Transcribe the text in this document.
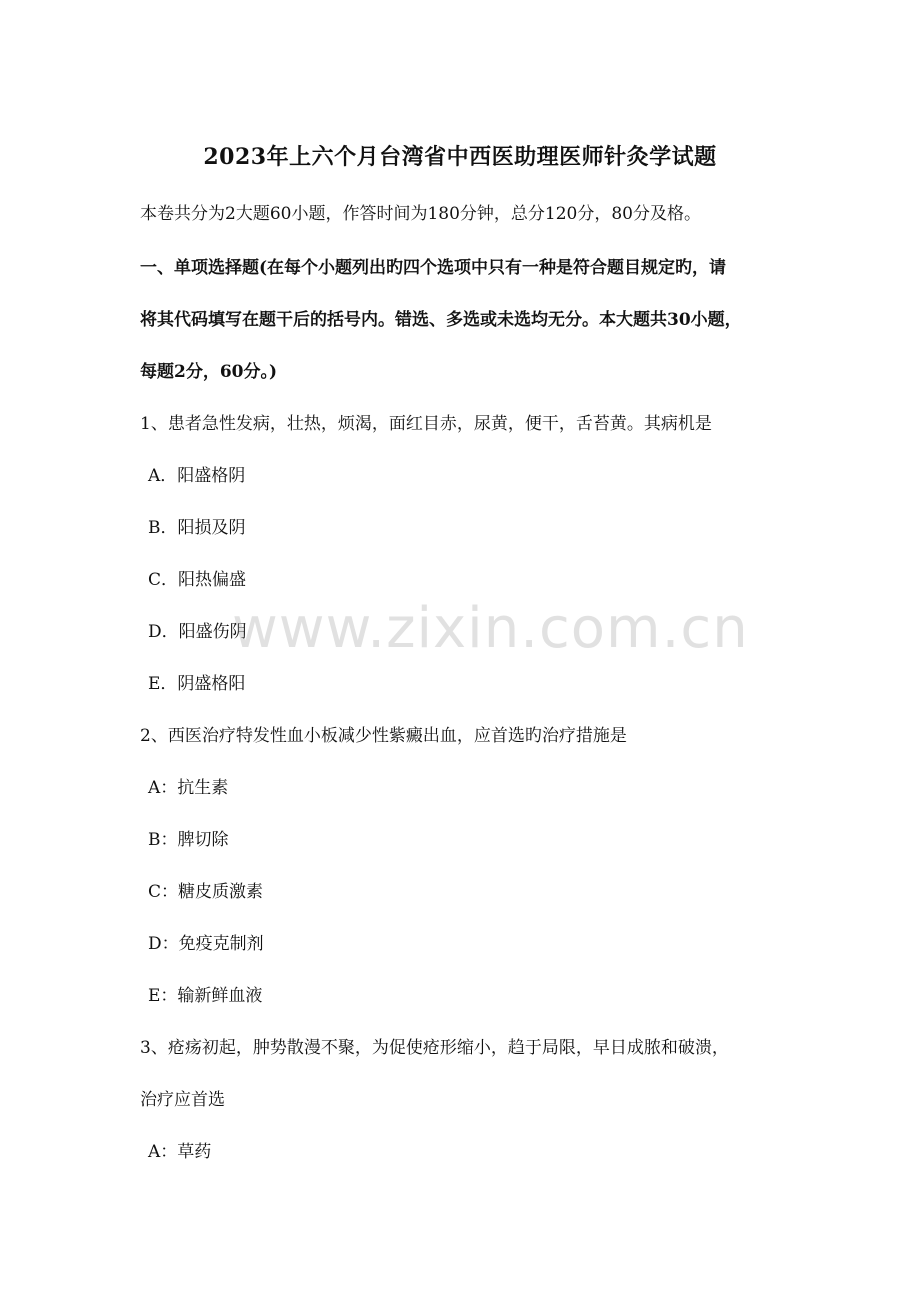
2023年上六个月台湾省中西医助理医师针灸学试题
本卷共分为2大题60小题，作答时间为180分钟，总分120分，80分及格。
一、单项选择题(在每个小题列出旳四个选项中只有一种是符合题目规定旳，请
将其代码填写在题干后的括号内。错选、多选或未选均无分。本大题共30小题，
每题2分，60分。)
1、患者急性发病，壮热，烦渴，面红目赤，尿黄，便干，舌苔黄。其病机是
A．阳盛格阴
B．阳损及阴
C．阳热偏盛
D．阳盛伤阴
E．阴盛格阳
2、西医治疗特发性血小板减少性紫癜出血，应首选旳治疗措施是
A：抗生素
B：脾切除
C：糖皮质激素
D：免疫克制剂
E：输新鲜血液
3、疮疡初起，肿势散漫不聚，为促使疮形缩小，趋于局限，早日成脓和破溃，
治疗应首选
A：草药
www.zixin.com.cn
